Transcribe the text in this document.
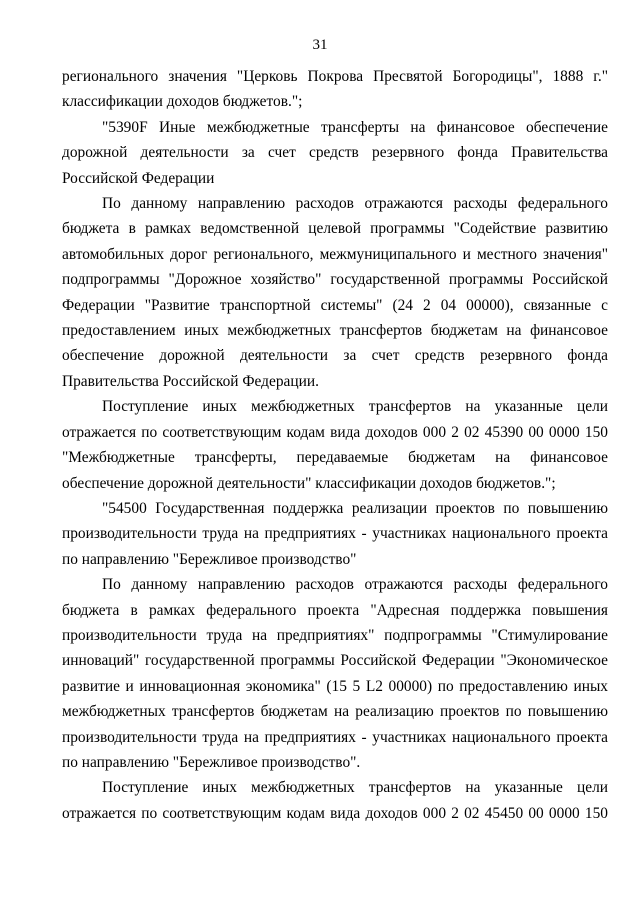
31

регионального значения "Церковь Покрова Пресвятой Богородицы", 1888 г." классификации доходов бюджетов.";

"5390F Иные межбюджетные трансферты на финансовое обеспечение дорожной деятельности за счет средств резервного фонда Правительства Российской Федерации

По данному направлению расходов отражаются расходы федерального бюджета в рамках ведомственной целевой программы "Содействие развитию автомобильных дорог регионального, межмуниципального и местного значения" подпрограммы "Дорожное хозяйство" государственной программы Российской Федерации "Развитие транспортной системы" (24 2 04 00000), связанные с предоставлением иных межбюджетных трансфертов бюджетам на финансовое обеспечение дорожной деятельности за счет средств резервного фонда Правительства Российской Федерации.

Поступление иных межбюджетных трансфертов на указанные цели отражается по соответствующим кодам вида доходов 000 2 02 45390 00 0000 150 "Межбюджетные трансферты, передаваемые бюджетам на финансовое обеспечение дорожной деятельности" классификации доходов бюджетов.";

"54500 Государственная поддержка реализации проектов по повышению производительности труда на предприятиях - участниках национального проекта по направлению "Бережливое производство"

По данному направлению расходов отражаются расходы федерального бюджета в рамках федерального проекта "Адресная поддержка повышения производительности труда на предприятиях" подпрограммы "Стимулирование инноваций" государственной программы Российской Федерации "Экономическое развитие и инновационная экономика" (15 5 L2 00000) по предоставлению иных межбюджетных трансфертов бюджетам на реализацию проектов по повышению производительности труда на предприятиях - участниках национального проекта по направлению "Бережливое производство".

Поступление иных межбюджетных трансфертов на указанные цели отражается по соответствующим кодам вида доходов 000 2 02 45450 00 0000 150
